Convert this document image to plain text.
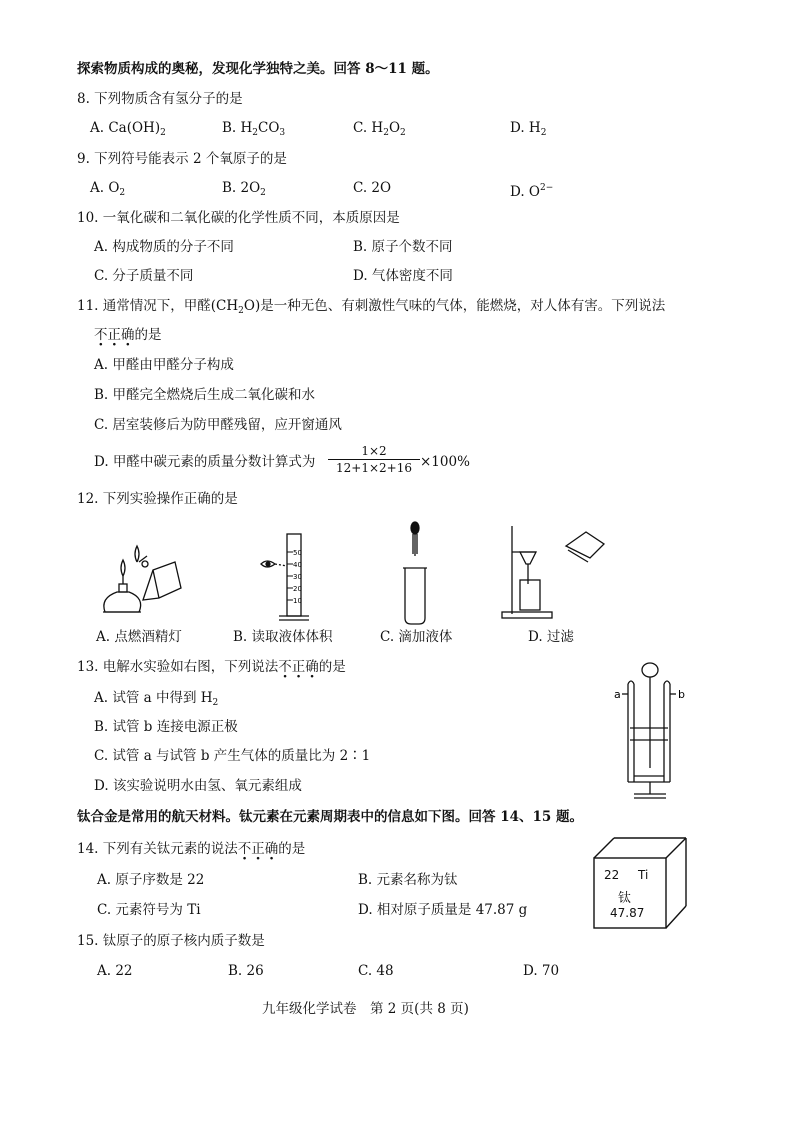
探索物质构成的奥秘，发现化学独特之美。回答 8～11 题。
8. 下列物质含有氢分子的是
A. $Ca(OH)_2$	B. $H_2CO_3$	C. $H_2O_2$	D. $H_2$
9. 下列符号能表示 2 个氧原子的是
A. $O_2$	B. $2O_2$	C. 2O	D. $O^{2-}$
10. 一氧化碳和二氧化碳的化学性质不同，本质原因是
A. 构成物质的分子不同	B. 原子个数不同
C. 分子质量不同	D. 气体密度不同
11. 通常情况下，甲醛$(CH_2O)$是一种无色、有刺激性气味的气体，能燃烧，对人体有害。下列说法
不正确的是
A. 甲醛由甲醛分子构成
B. 甲醛完全燃烧后生成二氧化碳和水
C. 居室装修后为防甲醛残留，应开窗通风
D. 甲醛中碳元素的质量分数计算式为
1×2
12+1×2+16 ×100%
12. 下列实验操作正确的是
A. 点燃酒精灯
50
40
30
20
10
B. 读取液体体积	C. 滴加液体	D. 过滤
13. 电解水实验如右图，下列说法不正确的是
A. 试管 a 中得到 $H_2$
B. 试管 b 连接电源正极
C. 试管 a 与试管 b 产生气体的质量比为 2∶1
D. 该实验说明水由氢、氧元素组成
a	b
钛合金是常用的航天材料。钛元素在元素周期表中的信息如下图。回答 14、15 题。
14. 下列有关钛元素的说法不正确的是
A. 原子序数是 22	B. 元素名称为钛
C. 元素符号为 Ti	D. 相对原子质量是 47.87 g
22 Ti
钛
47.87
15. 钛原子的原子核内质子数是
A. 22	B. 26	C. 48	D. 70
九年级化学试卷　第 2 页(共 8 页)
